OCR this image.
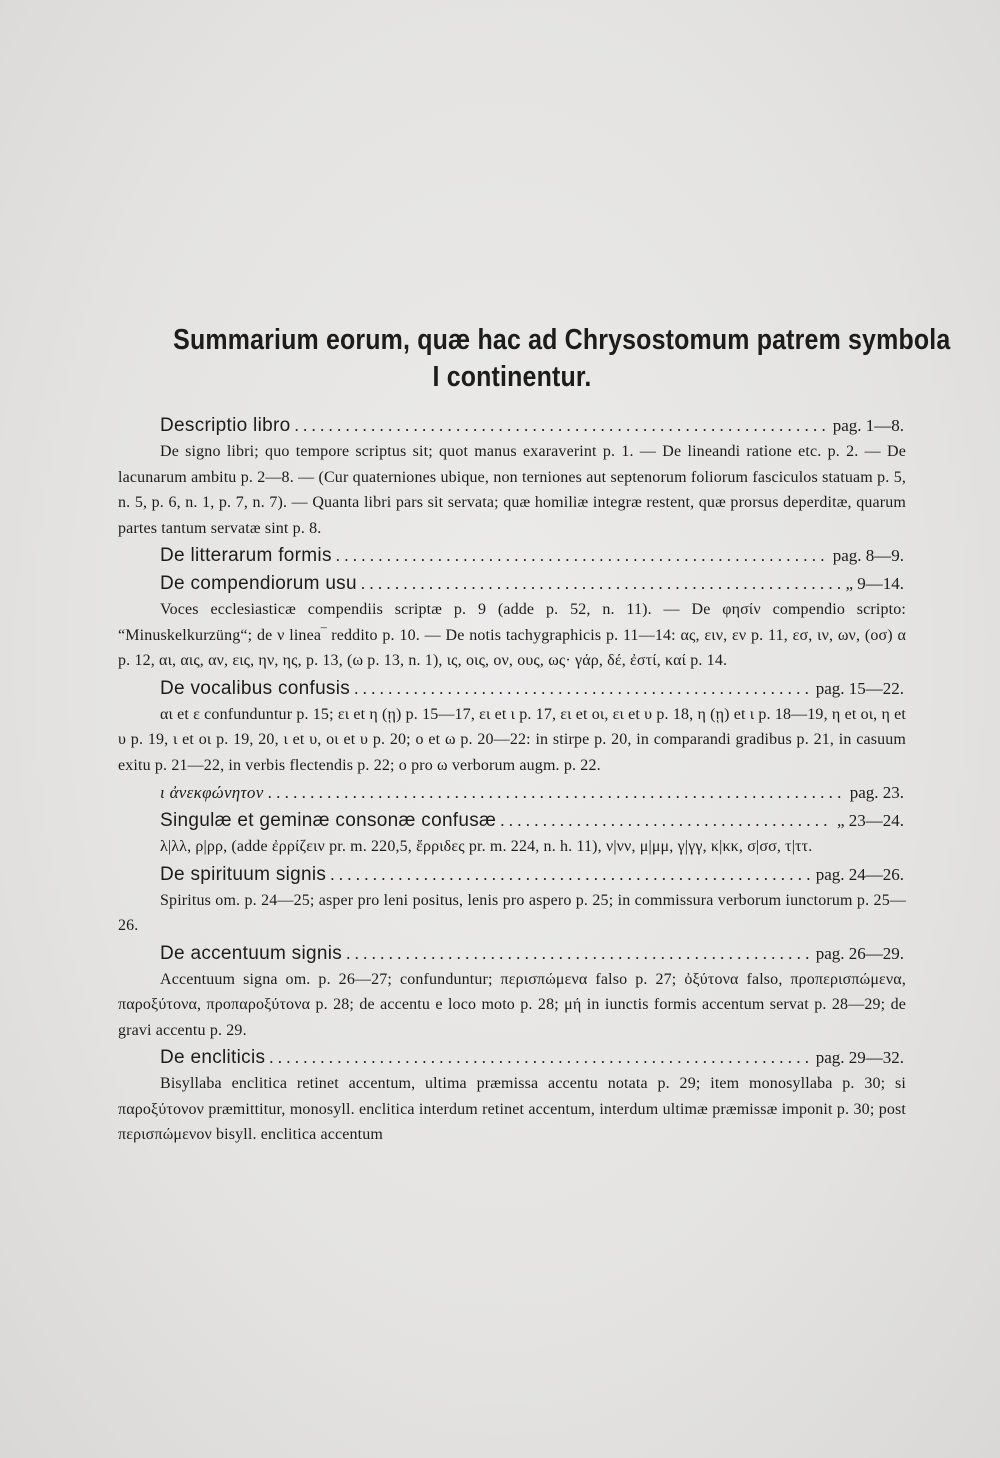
Summarium eorum, quæ hac ad Chrysostomum patrem symbola
I continentur.
Descriptio libro . . .	pag. 1—8.

De signo libri; quo tempore scriptus sit; quot manus exaraverint p. 1. — De lineandi ratione etc. p. 2. — De lacunarum ambitu p. 2—8. — (Cur quaterniones ubique, non terniones aut septenorum foliorum fasciculos statuam p. 5, n. 5, p. 6, n. 1, p. 7, n. 7). — Quanta libri pars sit servata; quæ homiliæ integræ restent, quæ prorsus deperditæ, quarum partes tantum servatæ sint p. 8.

De litterarum formis . . .	pag. 8—9.
De compendiorum usu . . .	„ 9—14.

Voces ecclesiasticæ compendiis scriptæ p. 9 (adde p. 52, n. 11). — De φησίν compendio scripto: “Minuskelkurzüng“; de ν linea‾ reddito p. 10. — De notis tachygraphicis p. 11—14: ας, ειν, εν p. 11, εσ, ιν, ων, (οσ) α p. 12, αι, αις, αν, εις, ην, ης, p. 13, (ω p. 13, n. 1), ις, οις, ον, ους, ως· γάρ, δέ, ἐστί, καί p. 14.

De vocalibus confusis . . .	pag. 15—22.

αι et ε confunduntur p. 15; ει et η (ῃ) p. 15—17, ει et ι p. 17, ει et οι, ει et υ p. 18, η (ῃ) et ι p. 18—19, η et οι, η et υ p. 19, ι et οι p. 19, 20, ι et υ, οι et υ p. 20; ο et ω p. 20—22: in stirpe p. 20, in comparandi gradibus p. 21, in casuum exitu p. 21—22, in verbis flectendis p. 22; ο pro ω verborum augm. p. 22.

ι ἀνεκφώνητον . . .	pag. 23.
Singulæ et geminæ consonæ confusæ . . .	„ 23—24.

λ|λλ, ρ|ρρ, (adde ἐρρίζειν pr. m. 220,5, ἔρριδες pr. m. 224, n. h. 11), ν|νν, μ|μμ, γ|γγ, κ|κκ, σ|σσ, τ|ττ.

De spirituum signis . . .	pag. 24—26.

Spiritus om. p. 24—25; asper pro leni positus, lenis pro aspero p. 25; in commissura verborum iunctorum p. 25—26.

De accentuum signis . . .	pag. 26—29.

Accentuum signa om. p. 26—27; confunduntur; περισπώμενα falso p. 27; ὀξύτονα falso, προπερισπώμενα, παροξύτονα, προπαροξύτονα p. 28; de accentu e loco moto p. 28; μή in iunctis formis accentum servat p. 28—29; de gravi accentu p. 29.

De encliticis . . .	pag. 29—32.

Bisyllaba enclitica retinet accentum, ultima præmissa accentu notata p. 29; item monosyllaba p. 30; si παροξύτονον præmittitur, monosyll. enclitica interdum retinet accentum, interdum ultimæ præmissæ imponit p. 30; post περισπώμενον bisyll. enclitica accentum
